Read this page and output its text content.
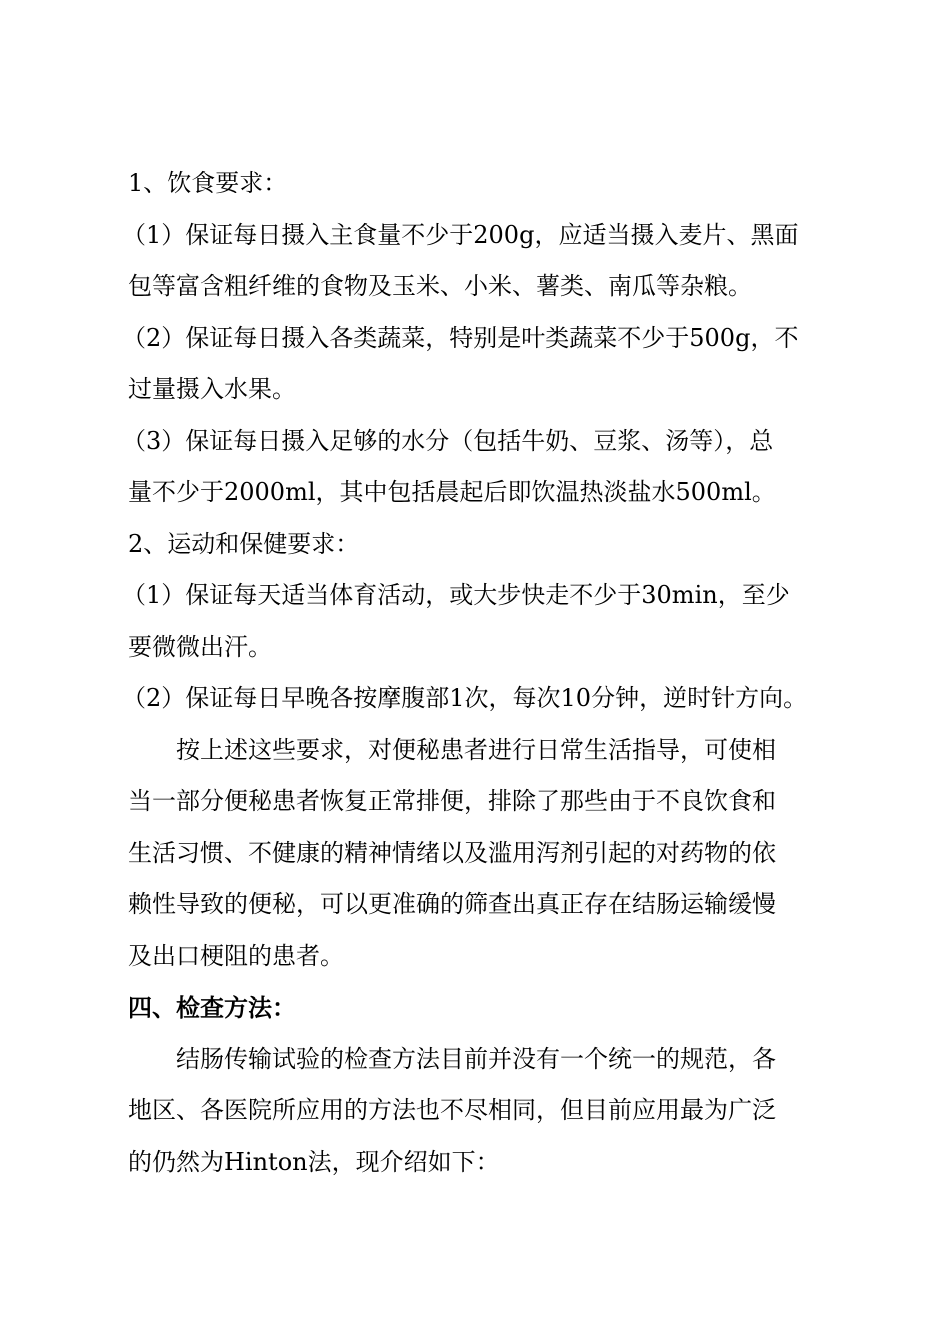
1、饮食要求：
（1）保证每日摄入主食量不少于200g，应适当摄入麦片、黑面
包等富含粗纤维的食物及玉米、小米、薯类、南瓜等杂粮。
（2）保证每日摄入各类蔬菜，特别是叶类蔬菜不少于500g，不
过量摄入水果。
（3）保证每日摄入足够的水分（包括牛奶、豆浆、汤等），总
量不少于2000ml，其中包括晨起后即饮温热淡盐水500ml。
2、运动和保健要求：
（1）保证每天适当体育活动，或大步快走不少于30min，至少
要微微出汗。
（2）保证每日早晚各按摩腹部1次，每次10分钟，逆时针方向。
按上述这些要求，对便秘患者进行日常生活指导，可使相
当一部分便秘患者恢复正常排便，排除了那些由于不良饮食和
生活习惯、不健康的精神情绪以及滥用泻剂引起的对药物的依
赖性导致的便秘，可以更准确的筛查出真正存在结肠运输缓慢
及出口梗阻的患者。
四、检查方法：
结肠传输试验的检查方法目前并没有一个统一的规范，各
地区、各医院所应用的方法也不尽相同，但目前应用最为广泛
的仍然为Hinton法，现介绍如下：
